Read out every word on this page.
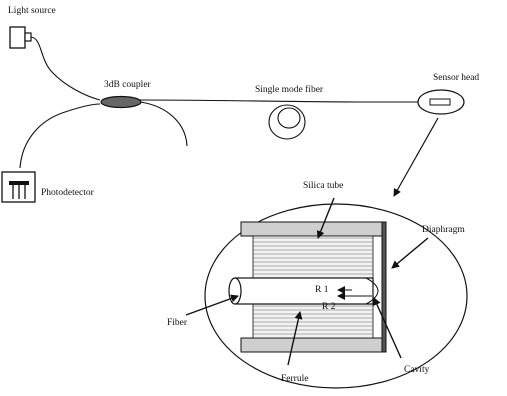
Light source
3dB coupler	Single mode fiber
Sensor head
Photodetector
R 1
R 2
Silica tube
Diaphragm
Fiber
Ferrule
Cavity
